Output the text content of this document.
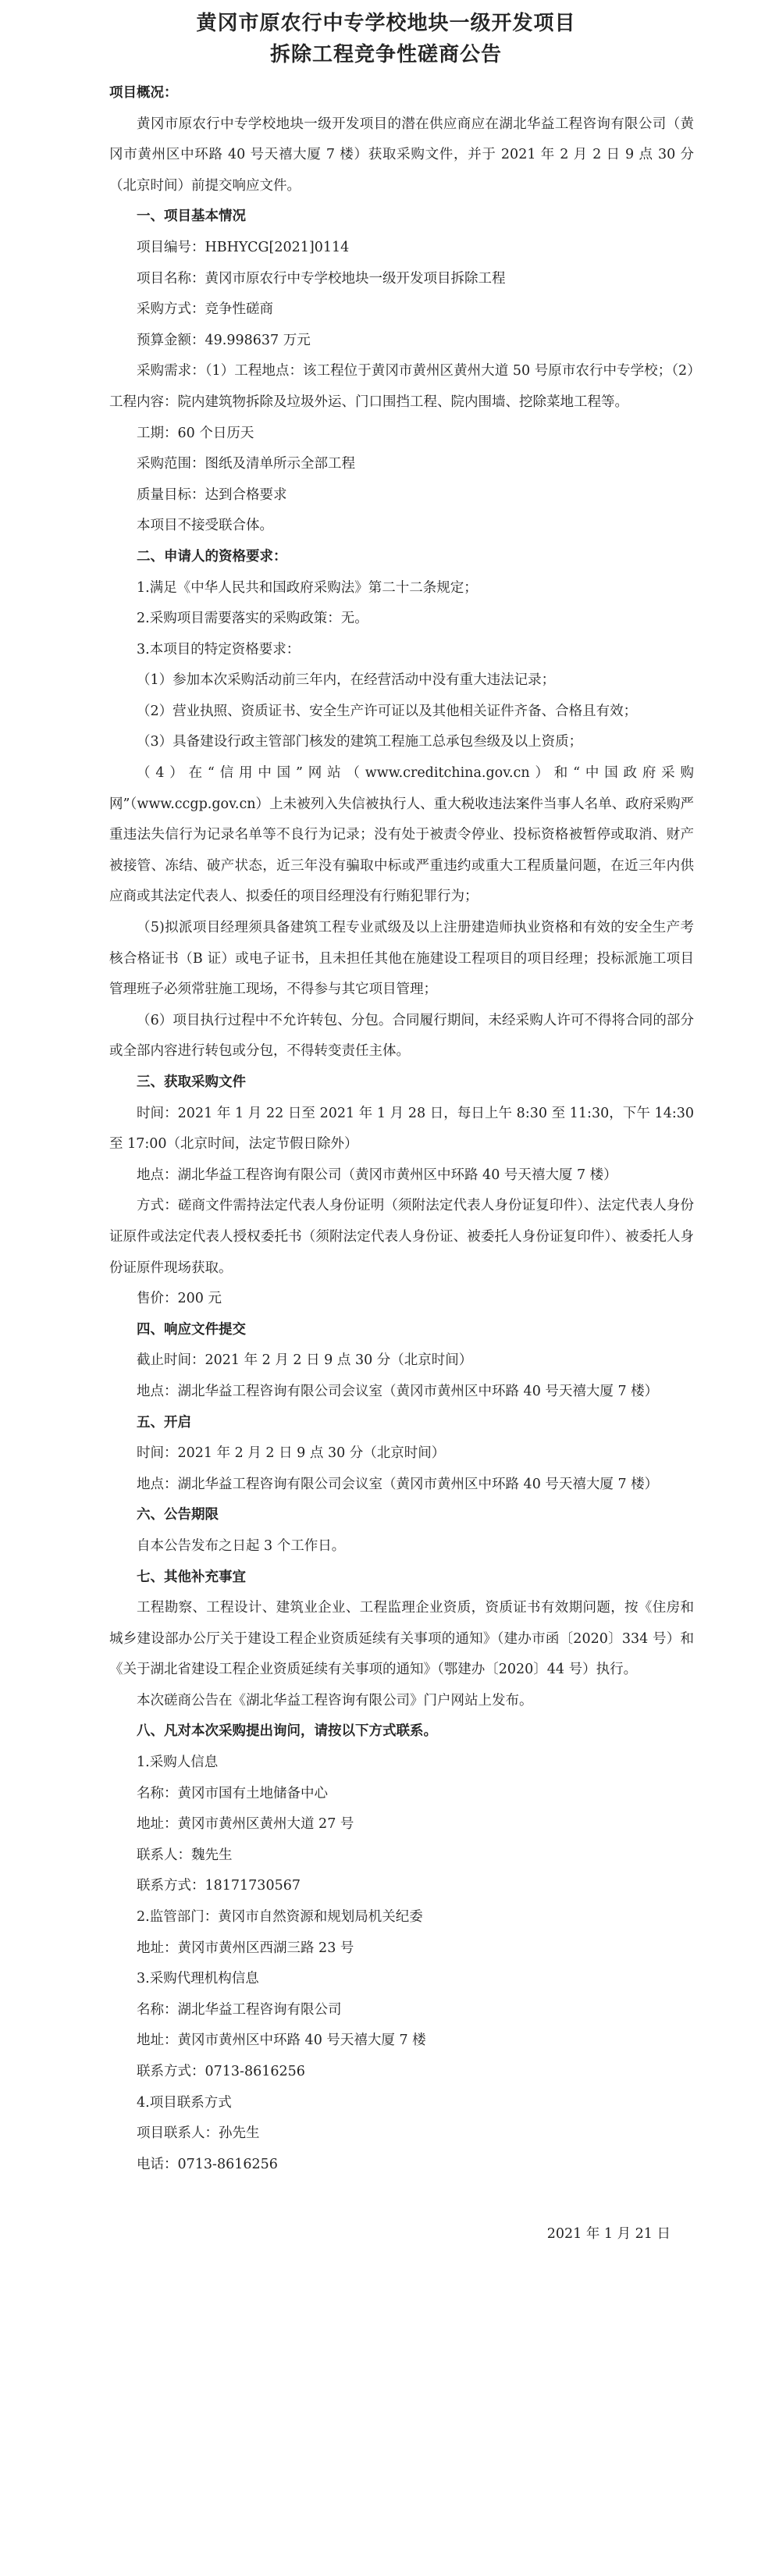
黄冈市原农行中专学校地块一级开发项目
拆除工程竞争性磋商公告

项目概况：

黄冈市原农行中专学校地块一级开发项目的潜在供应商应在湖北华益工程咨询有限公司（黄冈市黄州区中环路 40 号天禧大厦 7 楼）获取采购文件，并于 2021 年 2 月 2 日 9 点 30 分（北京时间）前提交响应文件。

一、项目基本情况

项目编号：HBHYCG[2021]0114

项目名称：黄冈市原农行中专学校地块一级开发项目拆除工程

采购方式：竞争性磋商

预算金额：49.998637 万元

采购需求：（1）工程地点：该工程位于黄冈市黄州区黄州大道 50 号原市农行中专学校；（2）工程内容：院内建筑物拆除及垃圾外运、门口围挡工程、院内围墙、挖除菜地工程等。

工期：60 个日历天

采购范围：图纸及清单所示全部工程

质量目标：达到合格要求

本项目不接受联合体。

二、申请人的资格要求：

1.满足《中华人民共和国政府采购法》第二十二条规定；

2.采购项目需要落实的采购政策：无。

3.本项目的特定资格要求：

（1）参加本次采购活动前三年内，在经营活动中没有重大违法记录；

（2）营业执照、资质证书、安全生产许可证以及其他相关证件齐备、合格且有效；

（3）具备建设行政主管部门核发的建筑工程施工总承包叁级及以上资质；

（4）在“信用中国”网站（www.creditchina.gov.cn）和“中国政府采购网”（www.ccgp.gov.cn）上未被列入失信被执行人、重大税收违法案件当事人名单、政府采购严重违法失信行为记录名单等不良行为记录；没有处于被责令停业、投标资格被暂停或取消、财产被接管、冻结、破产状态，近三年没有骗取中标或严重违约或重大工程质量问题，在近三年内供应商或其法定代表人、拟委任的项目经理没有行贿犯罪行为；

（5)拟派项目经理须具备建筑工程专业贰级及以上注册建造师执业资格和有效的安全生产考核合格证书（B 证）或电子证书，且未担任其他在施建设工程项目的项目经理；投标派施工项目管理班子必须常驻施工现场，不得参与其它项目管理；

（6）项目执行过程中不允许转包、分包。合同履行期间，未经采购人许可不得将合同的部分或全部内容进行转包或分包，不得转变责任主体。

三、获取采购文件

时间：2021 年 1 月 22 日至 2021 年 1 月 28 日，每日上午 8:30 至 11:30，下午 14:30 至 17:00（北京时间，法定节假日除外）

地点：湖北华益工程咨询有限公司（黄冈市黄州区中环路 40 号天禧大厦 7 楼）

方式：磋商文件需持法定代表人身份证明（须附法定代表人身份证复印件）、法定代表人身份证原件或法定代表人授权委托书（须附法定代表人身份证、被委托人身份证复印件）、被委托人身份证原件现场获取。

售价：200 元

四、响应文件提交

截止时间：2021 年 2 月 2 日 9 点 30 分（北京时间）

地点：湖北华益工程咨询有限公司会议室（黄冈市黄州区中环路 40 号天禧大厦 7 楼）

五、开启

时间：2021 年 2 月 2 日 9 点 30 分（北京时间）

地点：湖北华益工程咨询有限公司会议室（黄冈市黄州区中环路 40 号天禧大厦 7 楼）

六、公告期限

自本公告发布之日起 3 个工作日。

七、其他补充事宜

工程勘察、工程设计、建筑业企业、工程监理企业资质，资质证书有效期问题，按《住房和城乡建设部办公厅关于建设工程企业资质延续有关事项的通知》（建办市函〔2020〕334 号）和《关于湖北省建设工程企业资质延续有关事项的通知》（鄂建办〔2020〕44 号）执行。

本次磋商公告在《湖北华益工程咨询有限公司》门户网站上发布。

八、凡对本次采购提出询问，请按以下方式联系。

1.采购人信息

名称：黄冈市国有土地储备中心

地址：黄冈市黄州区黄州大道 27 号

联系人：魏先生

联系方式：18171730567

2.监管部门：黄冈市自然资源和规划局机关纪委

地址：黄冈市黄州区西湖三路 23 号

3.采购代理机构信息

名称：湖北华益工程咨询有限公司

地址：黄冈市黄州区中环路 40 号天禧大厦 7 楼

联系方式：0713-8616256

4.项目联系方式

项目联系人：孙先生

电话：0713-8616256

2021 年 1 月 21 日
